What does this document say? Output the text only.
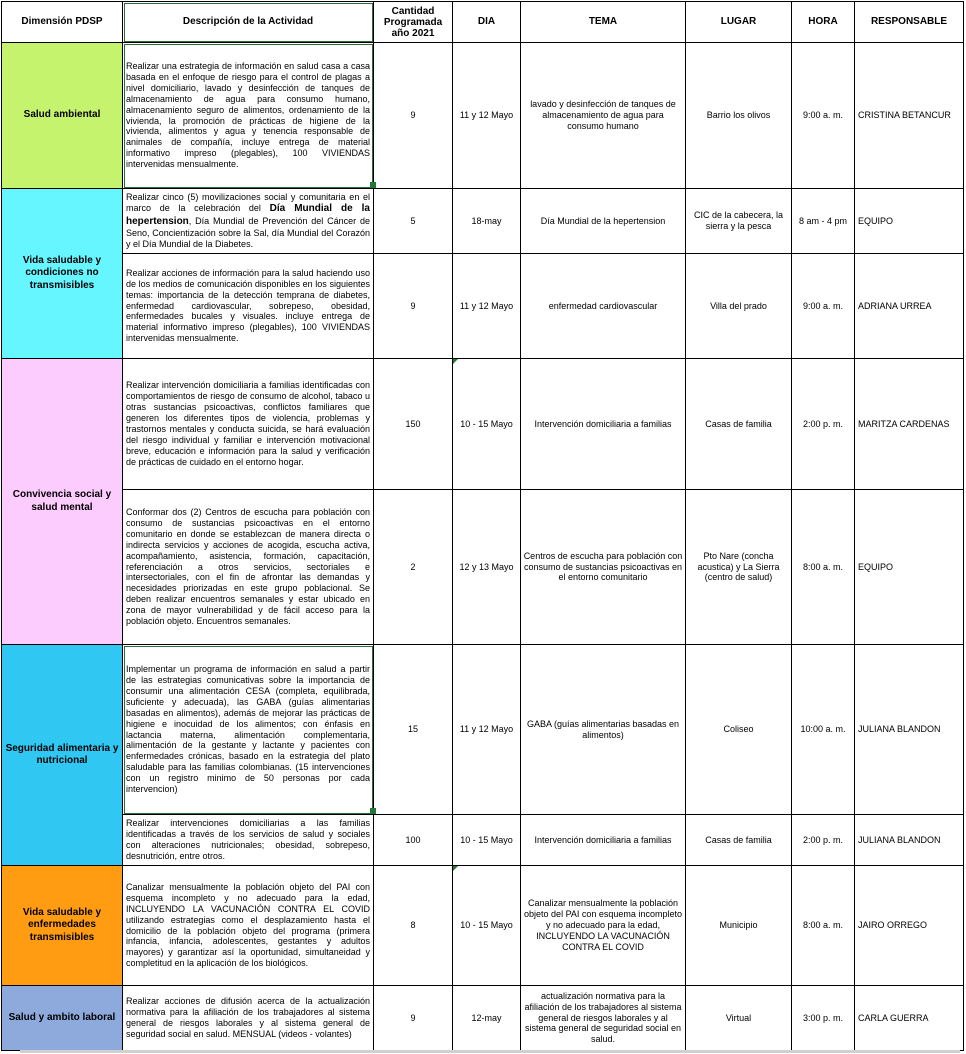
Dimensión PDSP	Descripción de la Actividad	Cantidad Programada año 2021	DIA	TEMA	LUGAR	HORA	RESPONSABLE
Salud ambiental	Realizar una estrategia de información en salud casa a casa basada en el enfoque de riesgo para el control de plagas a nivel domiciliario, lavado y desinfección de tanques de almacenamiento de agua para consumo humano, almacenamiento seguro de alimentos, ordenamiento de la vivienda, la promoción de prácticas de higiene de la vivienda, alimentos y agua y tenencia responsable de animales de compañía, incluye entrega de material informativo impreso (plegables), 100 VIVIENDAS intervenidas mensualmente.	9	11 y 12 Mayo	lavado y desinfección de tanques de almacenamiento de agua para consumo humano	Barrio los olivos	9:00 a. m.	CRISTINA BETANCUR
Vida saludable y condiciones no transmisibles	Realizar cinco (5) movilizaciones social y comunitaria en el marco de la celebración del Día Mundial de la hepertension, Día Mundial de Prevención del Cáncer de Seno, Concientización sobre la Sal, día Mundial del Corazón y el Día Mundial de la Diabetes.	5	18-may	Día Mundial de la hepertension	CIC de la cabecera, la sierra y la pesca	8 am - 4 pm	EQUIPO
	Realizar acciones de información para la salud haciendo uso de los medios de comunicación disponibles en los siguientes temas: importancia de la detección temprana de diabetes, enfermedad cardiovascular, sobrepeso, obesidad, enfermedades bucales y visuales. incluye entrega de material informativo impreso (plegables), 100 VIVIENDAS intervenidas mensualmente.	9	11 y 12 Mayo	enfermedad cardiovascular	Villa del prado	9:00 a. m.	ADRIANA URREA
Convivencia social y salud mental	Realizar intervención domiciliaria a familias identificadas con comportamientos de riesgo de consumo de alcohol, tabaco u otras sustancias psicoactivas, conflictos familiares que generen los diferentes tipos de violencia, problemas y trastornos mentales y conducta suicida, se hará evaluación del riesgo individual y familiar e intervención motivacional breve, educación e información para la salud y verificación de prácticas de cuidado en el entorno hogar.	150	10 - 15 Mayo	Intervención domiciliaria a familias	Casas de familia	2:00 p. m.	MARITZA CARDENAS
	Conformar dos (2) Centros de escucha para población con consumo de sustancias psicoactivas en el entorno comunitario en donde se establezcan de manera directa o indirecta servicios y acciones de acogida, escucha activa, acompañamiento, asistencia, formación, capacitación, referenciación a otros servicios, sectoriales e intersectoriales, con el fin de afrontar las demandas y necesidades priorizadas en este grupo poblacional. Se deben realizar encuentros semanales y estar ubicado en zona de mayor vulnerabilidad y de fácil acceso para la población objeto. Encuentros semanales.	2	12 y 13 Mayo	Centros de escucha para población con consumo de sustancias psicoactivas en el entorno comunitario	Pto Nare (concha acustica) y La Sierra (centro de salud)	8:00 a. m.	EQUIPO
Seguridad alimentaria y nutricional	Implementar un programa de información en salud a partir de las estrategias comunicativas sobre la importancia de consumir una alimentación CESA (completa, equilibrada, suficiente y adecuada), las GABA (guías alimentarias basadas en alimentos), además de mejorar las prácticas de higiene e inocuidad de los alimentos; con énfasis en lactancia materna, alimentación complementaria, alimentación de la gestante y lactante y pacientes con enfermedades crónicas, basado en la estrategia del plato saludable para las familias colombianas. (15 intervenciones con un registro minimo de 50 personas por cada intervencion)	15	11 y 12 Mayo	GABA (guías alimentarias basadas en alimentos)	Coliseo	10:00 a. m.	JULIANA BLANDON
	Realizar intervenciones domiciliarias a las familias identificadas a través de los servicios de salud y sociales con alteraciones nutricionales; obesidad, sobrepeso, desnutrición, entre otros.	100	10 - 15 Mayo	Intervención domiciliaria a familias	Casas de familia	2:00 p. m.	JULIANA BLANDON
Vida saludable y enfermedades transmisibles	Canalizar mensualmente la población objeto del PAI con esquema incompleto y no adecuado para la edad, INCLUYENDO LA VACUNACIÓN CONTRA EL COVID utilizando estrategias como el desplazamiento hasta el domicilio de la población objeto del programa (primera infancia, infancia, adolescentes, gestantes y adultos mayores) y garantizar así la oportunidad, simultaneidad y completitud en la aplicación de los biológicos.	8	10 - 15 Mayo	Canalizar mensualmente la población objeto del PAI con esquema incompleto y no adecuado para la edad, INCLUYENDO LA VACUNACIÓN CONTRA EL COVID	Municipio	8:00 a. m.	JAIRO ORREGO
Salud y ambito laboral	Realizar acciones de difusión acerca de la actualización normativa para la afiliación de los trabajadores al sistema general de riesgos laborales y al sistema general de seguridad social en salud. MENSUAL (videos - volantes)	9	12-may	actualización normativa para la afiliación de los trabajadores al sistema general de riesgos laborales y al sistema general de seguridad social en salud.	Virtual	3:00 p. m.	CARLA GUERRA
